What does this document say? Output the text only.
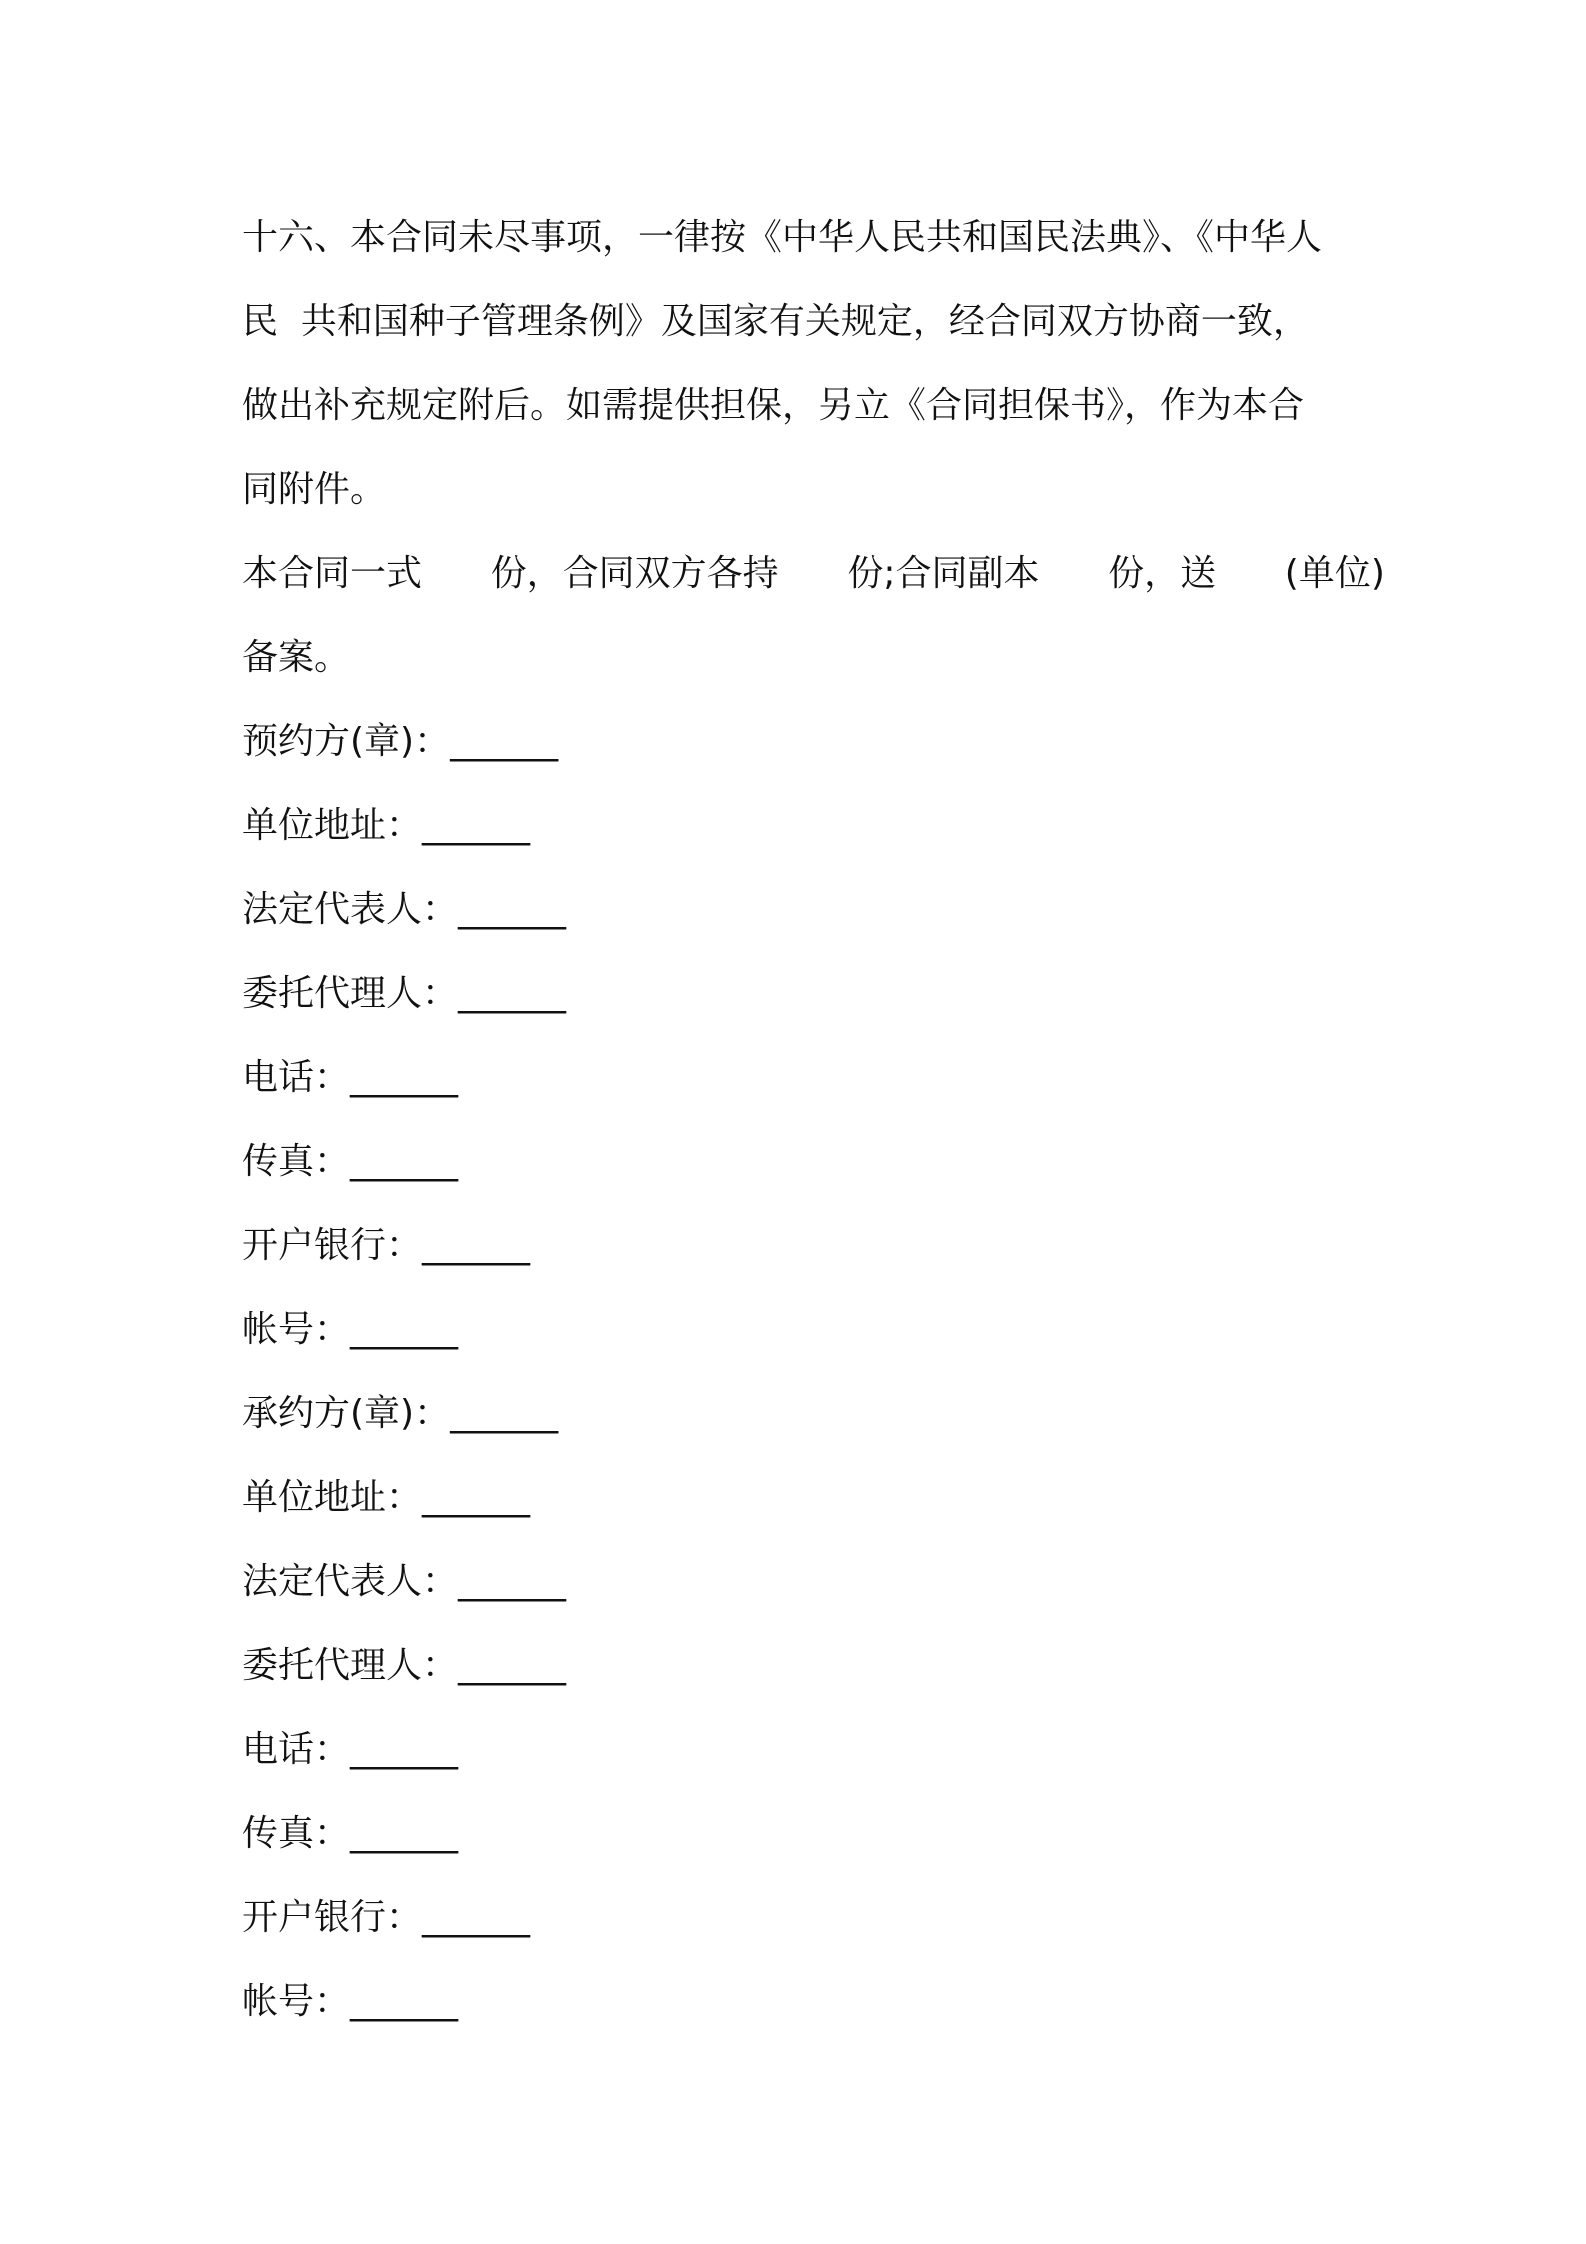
十六、本合同未尽事项，一律按《中华人民共和国民法典》、《中华人
民  共和国种子管理条例》及国家有关规定，经合同双方协商一致，
做出补充规定附后。如需提供担保，另立《合同担保书》，作为本合
同附件。
本合同一式      份，合同双方各持      份;合同副本      份，送      (单位)
备案。
预约方(章)：______
单位地址：______
法定代表人：______
委托代理人：______
电话：______
传真：______
开户银行：______
帐号：______
承约方(章)：______
单位地址：______
法定代表人：______
委托代理人：______
电话：______
传真：______
开户银行：______
帐号：______
